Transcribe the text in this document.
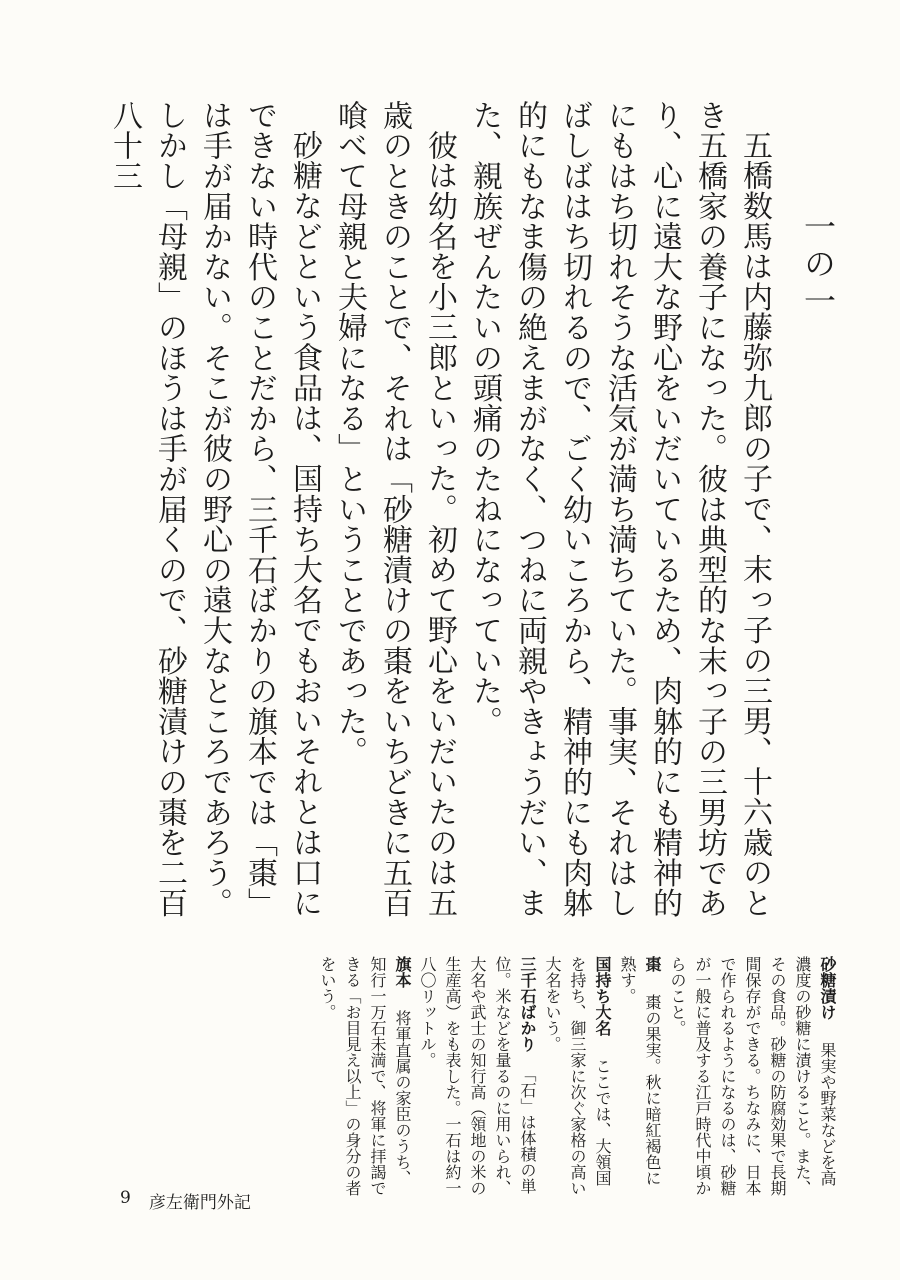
一の一

五橋数馬は内藤弥九郎の子で、末っ子の三男、十六歳のとき五橋家の養子になった。彼は典型的な末っ子の三男坊であり、心に遠大な野心をいだいているため、肉躰的にも精神的にもはち切れそうな活気が満ち満ちていた。事実、それはしばしばはち切れるので、ごく幼いころから、精神的にも肉躰的にもなま傷の絶えまがなく、つねに両親やきょうだい、また、親族ぜんたいの頭痛のたねになっていた。

彼は幼名を小三郎といった。初めて野心をいだいたのは五歳のときのことで、それは「砂糖漬けの棗をいちどきに五百喰べて母親と夫婦になる」ということであった。

砂糖などという食品は、国持ち大名でもおいそれとは口にできない時代のことだから、三千石ばかりの旗本では「棗」は手が届かない。そこが彼の野心の遠大なところであろう。しかし「母親」のほうは手が届くので、砂糖漬けの棗を二百八十三

砂糖漬け　果実や野菜などを高濃度の砂糖に漬けること。また、その食品。砂糖の防腐効果で長期間保存ができる。ちなみに、日本で作られるようになるのは、砂糖が一般に普及する江戸時代中頃からのこと。

棗　棗の果実。秋に暗紅褐色に熟す。

国持ち大名　ここでは、大領国を持ち、御三家に次ぐ家格の高い大名をいう。

三千石ばかり　「石」は体積の単位。米などを量るのに用いられ、大名や武士の知行高（領地の米の生産高）をも表した。一石は約一八〇リットル。

旗本　将軍直属の家臣のうち、知行一万石未満で、将軍に拝謁できる「お目見え以上」の身分の者をいう。

9 彦左衛門外記
